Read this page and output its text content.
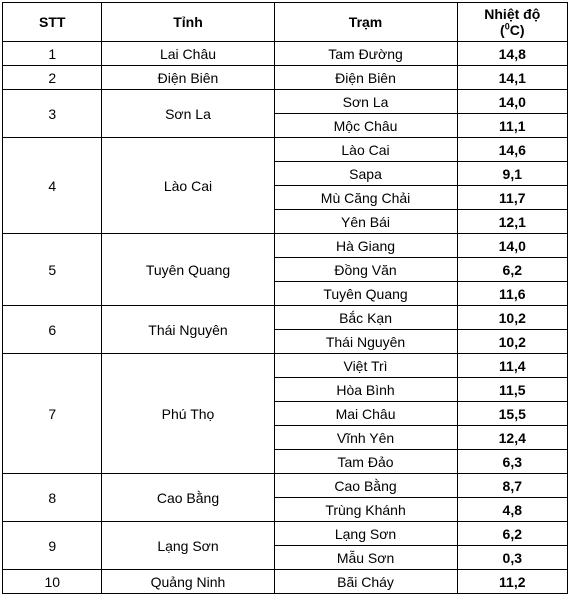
STT	Tỉnh	Trạm	Nhiệt độ
($^0$C)
1	Lai Châu	Tam Đường	14,8
2	Điện Biên	Điện Biên	14,1
3	Sơn La	Sơn La	14,0
		Mộc Châu	11,1
4	Lào Cai	Lào Cai	14,6
		Sapa	9,1
		Mù Căng Chải	11,7
		Yên Bái	12,1
5	Tuyên Quang	Hà Giang	14,0
		Đồng Văn	6,2
		Tuyên Quang	11,6
6	Thái Nguyên	Bắc Kạn	10,2
		Thái Nguyên	10,2
7	Phú Thọ	Việt Trì	11,4
		Hòa Bình	11,5
		Mai Châu	15,5
		Vĩnh Yên	12,4
		Tam Đảo	6,3
8	Cao Bằng	Cao Bằng	8,7
		Trùng Khánh	4,8
9	Lạng Sơn	Lạng Sơn	6,2
		Mẫu Sơn	0,3
10	Quảng Ninh	Bãi Cháy	11,2
